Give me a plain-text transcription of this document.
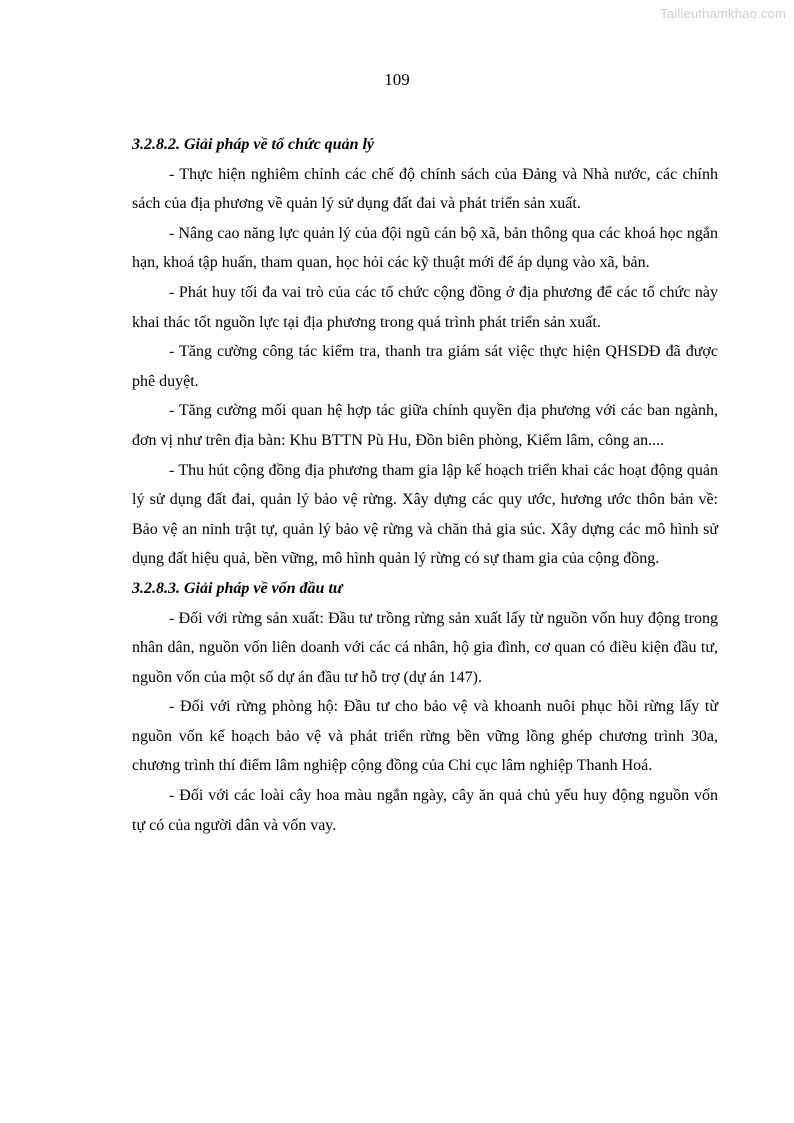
Tailieuthamkhao.com
109

3.2.8.2. Giải pháp về tổ chức quản lý

- Thực hiện nghiêm chỉnh các chế độ chính sách của Đảng và Nhà nước, các chính sách của địa phương về quản lý sử dụng đất đai và phát triển sản xuất.

- Nâng cao năng lực quản lý của đội ngũ cán bộ xã, bản thông qua các khoá học ngắn hạn, khoá tập huấn, tham quan, học hỏi các kỹ thuật mới để áp dụng vào xã, bản.

- Phát huy tối đa vai trò của các tổ chức cộng đồng ở địa phương để các tổ chức này khai thác tốt nguồn lực tại địa phương trong quá trình phát triển sản xuất.

- Tăng cường công tác kiểm tra, thanh tra giám sát việc thực hiện QHSDĐ đã được phê duyệt.

- Tăng cường mối quan hệ hợp tác giữa chính quyền địa phương với các ban ngành, đơn vị như trên địa bàn: Khu BTTN Pù Hu, Đồn biên phòng, Kiểm lâm, công an....

- Thu hút cộng đồng địa phương tham gia lập kế hoạch triển khai các hoạt động quản lý sử dụng đất đai, quản lý bảo vệ rừng. Xây dựng các quy ước, hương ước thôn bản về: Bảo vệ an ninh trật tự, quản lý bảo vệ rừng và chăn thả gia súc. Xây dựng các mô hình sử dụng đất hiệu quả, bền vững, mô hình quản lý rừng có sự tham gia của cộng đồng.

3.2.8.3. Giải pháp về vốn đầu tư

- Đối với rừng sản xuất: Đầu tư trồng rừng sản xuất lấy từ nguồn vốn huy động trong nhân dân, nguồn vốn liên doanh với các cá nhân, hộ gia đình, cơ quan có điều kiện đầu tư, nguồn vốn của một số dự án đầu tư hỗ trợ (dự án 147).

- Đối với rừng phòng hộ: Đầu tư cho bảo vệ và khoanh nuôi phục hồi rừng lấy từ nguồn vốn kế hoạch bảo vệ và phát triển rừng bền vững lồng ghép chương trình 30a, chương trình thí điểm lâm nghiệp cộng đồng của Chi cục lâm nghiệp Thanh Hoá.

- Đối với các loài cây hoa màu ngắn ngày, cây ăn quả chủ yếu huy động nguồn vốn tự có của người dân và vốn vay.
